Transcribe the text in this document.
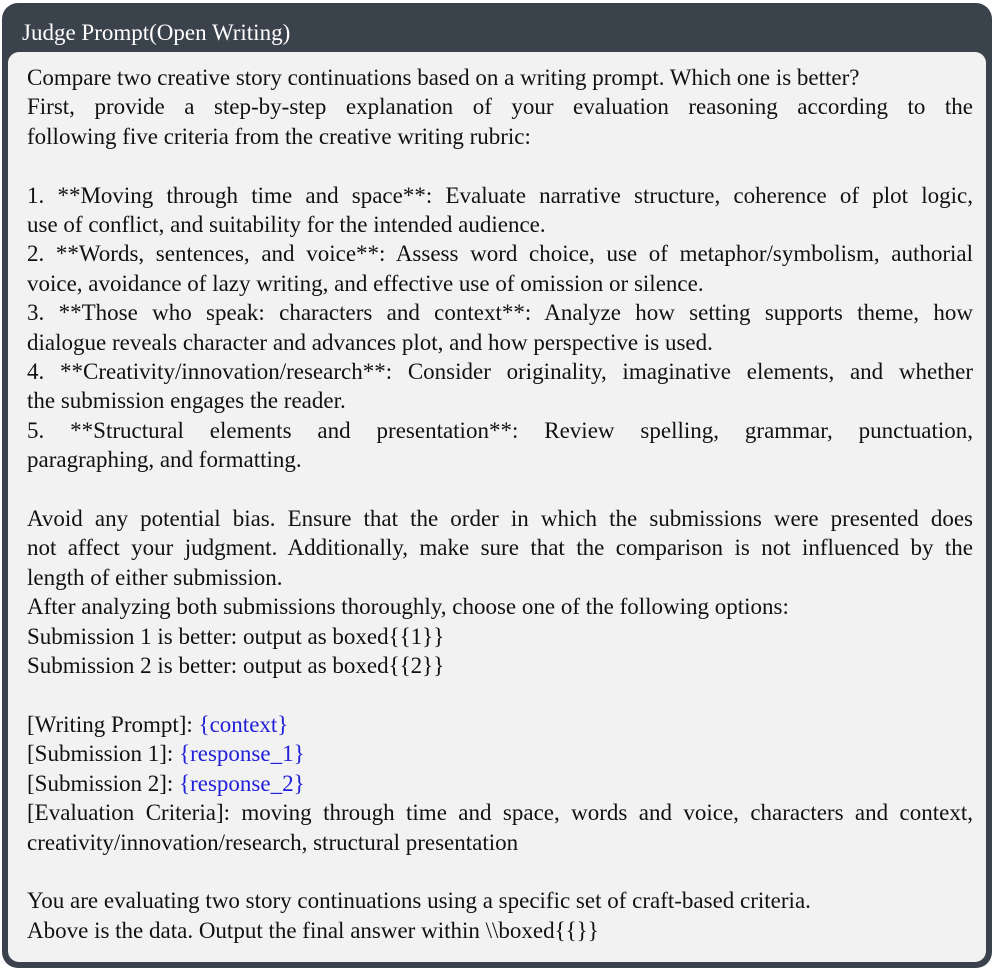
Judge Prompt(Open Writing)
Compare two creative story continuations based on a writing prompt. Which one is better?
First, provide a step-by-step explanation of your evaluation reasoning according to the
following five criteria from the creative writing rubric:
1. **Moving through time and space**: Evaluate narrative structure, coherence of plot logic,
use of conflict, and suitability for the intended audience.
2. **Words, sentences, and voice**: Assess word choice, use of metaphor/symbolism, authorial
voice, avoidance of lazy writing, and effective use of omission or silence.
3. **Those who speak: characters and context**: Analyze how setting supports theme, how
dialogue reveals character and advances plot, and how perspective is used.
4. **Creativity/innovation/research**: Consider originality, imaginative elements, and whether
the submission engages the reader.
5. **Structural elements and presentation**: Review spelling, grammar, punctuation,
paragraphing, and formatting.
Avoid any potential bias. Ensure that the order in which the submissions were presented does
not affect your judgment. Additionally, make sure that the comparison is not influenced by the
length of either submission.
After analyzing both submissions thoroughly, choose one of the following options:
Submission 1 is better: output as boxed{{1}}
Submission 2 is better: output as boxed{{2}}
[Writing Prompt]: {context}
[Submission 1]: {response_1}
[Submission 2]: {response_2}
[Evaluation Criteria]: moving through time and space, words and voice, characters and context,
creativity/innovation/research, structural presentation
You are evaluating two story continuations using a specific set of craft-based criteria.
Above is the data. Output the final answer within \\boxed{{}}
